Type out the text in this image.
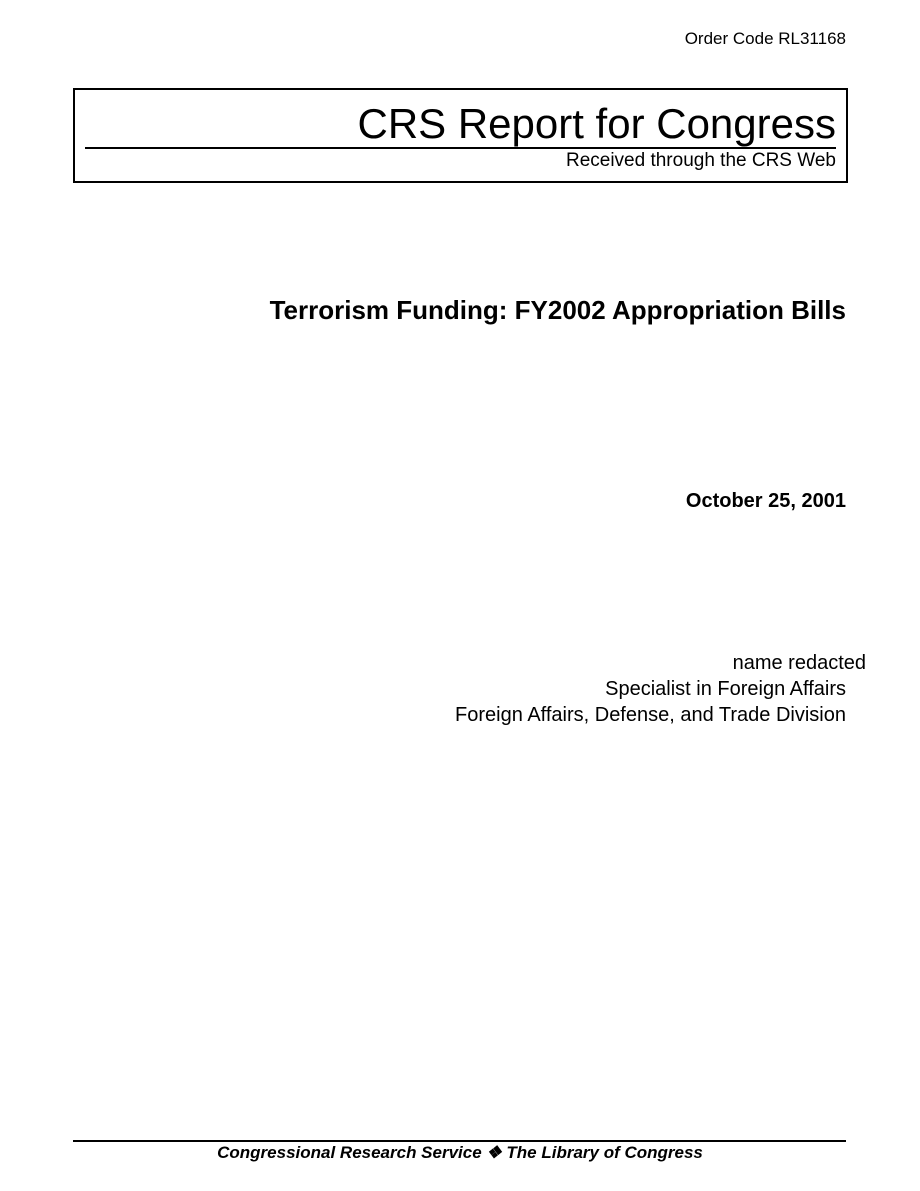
Order Code RL31168
CRS Report for Congress
Received through the CRS Web
Terrorism Funding: FY2002 Appropriation Bills
October 25, 2001
name redacted
Specialist in Foreign Affairs
Foreign Affairs, Defense, and Trade Division
Congressional Research Service ❖ The Library of Congress
